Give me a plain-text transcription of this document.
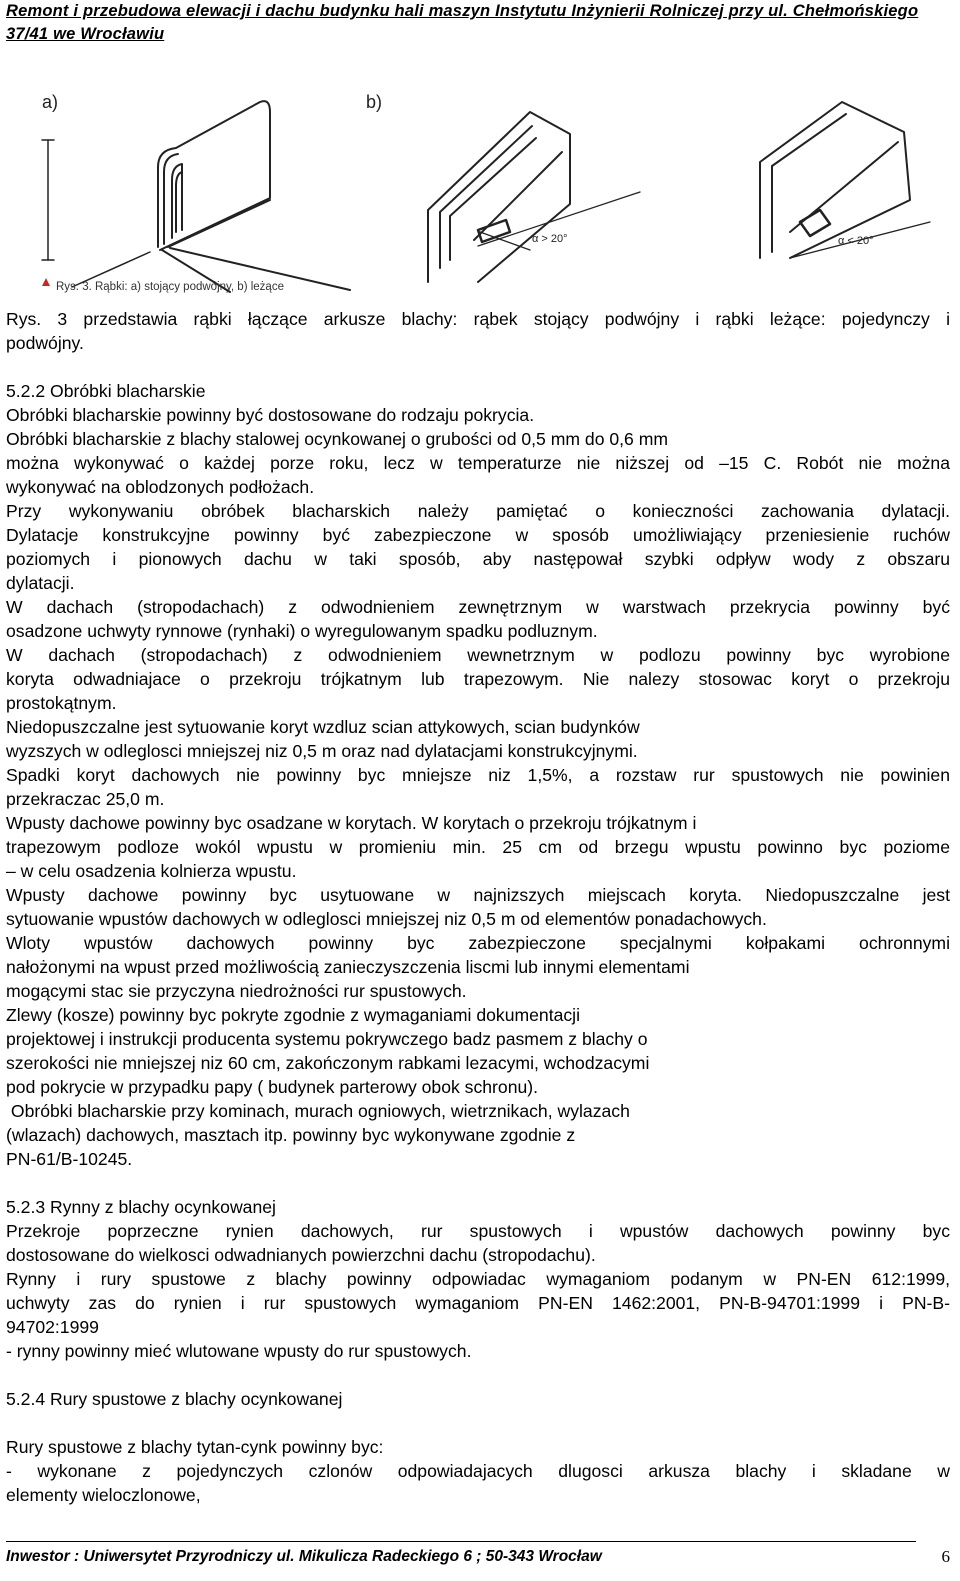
Remont i przebudowa elewacji i dachu budynku hali maszyn Instytutu Inżynierii Rolniczej przy ul. Chełmońskiego
37/41 we Wrocławiu
a)	b)
α > 20°	α < 20°
Rys. 3. Rąbki: a) stojący podwójny, b) leżące

Rys. 3 przedstawia rąbki łączące arkusze blachy: rąbek stojący podwójny i rąbki leżące: pojedynczy i

podwójny.

5.2.2 Obróbki blacharskie

Obróbki blacharskie powinny być dostosowane do rodzaju pokrycia.

Obróbki blacharskie z blachy stalowej ocynkowanej o grubości od 0,5 mm do 0,6 mm

można wykonywać o każdej porze roku, lecz w temperaturze nie niższej od –15 C. Robót nie można

wykonywać na oblodzonych podłożach.

Przy wykonywaniu obróbek blacharskich należy pamiętać o konieczności zachowania dylatacji.

Dylatacje konstrukcyjne powinny być zabezpieczone w sposób umożliwiający przeniesienie ruchów

poziomych i pionowych dachu w taki sposób, aby następował szybki odpływ wody z obszaru

dylatacji.

W dachach (stropodachach) z odwodnieniem zewnętrznym w warstwach przekrycia powinny być

osadzone uchwyty rynnowe (rynhaki) o wyregulowanym spadku podluznym.

W dachach (stropodachach) z odwodnieniem wewnetrznym w podlozu powinny byc wyrobione

koryta odwadniajace o przekroju trójkatnym lub trapezowym. Nie nalezy stosowac koryt o przekroju

prostokątnym.

Niedopuszczalne jest sytuowanie koryt wzdluz scian attykowych, scian budynków

wyzszych w odleglosci mniejszej niz 0,5 m oraz nad dylatacjami konstrukcyjnymi.

Spadki koryt dachowych nie powinny byc mniejsze niz 1,5%, a rozstaw rur spustowych nie powinien

przekraczac 25,0 m.

Wpusty dachowe powinny byc osadzane w korytach. W korytach o przekroju trójkatnym i

trapezowym podloze wokól wpustu w promieniu min. 25 cm od brzegu wpustu powinno byc poziome

– w celu osadzenia kolnierza wpustu.

Wpusty dachowe powinny byc usytuowane w najnizszych miejscach koryta. Niedopuszczalne jest

sytuowanie wpustów dachowych w odleglosci mniejszej niz 0,5 m od elementów ponadachowych.

Wloty wpustów dachowych powinny byc zabezpieczone specjalnymi kołpakami ochronnymi

nałożonymi na wpust przed możliwością zanieczyszczenia liscmi lub innymi elementami

mogącymi stac sie przyczyna niedrożności rur spustowych.

Zlewy (kosze) powinny byc pokryte zgodnie z wymaganiami dokumentacji

projektowej i instrukcji producenta systemu pokrywczego badz pasmem z blachy o

szerokości nie mniejszej niz 60 cm, zakończonym rabkami lezacymi, wchodzacymi

pod pokrycie w przypadku papy ( budynek parterowy obok schronu).

Obróbki blacharskie przy kominach, murach ogniowych, wietrznikach, wylazach

(wlazach) dachowych, masztach itp. powinny byc wykonywane zgodnie z

PN-61/B-10245.

5.2.3 Rynny z blachy ocynkowanej

Przekroje poprzeczne rynien dachowych, rur spustowych i wpustów dachowych powinny byc

dostosowane do wielkosci odwadnianych powierzchni dachu (stropodachu).

Rynny i rury spustowe z blachy powinny odpowiadac wymaganiom podanym w PN-EN 612:1999,

uchwyty zas do rynien i rur spustowych wymaganiom PN-EN 1462:2001, PN-B-94701:1999 i PN-B-

94702:1999

- rynny powinny mieć wlutowane wpusty do rur spustowych.

5.2.4 Rury spustowe z blachy ocynkowanej

Rury spustowe z blachy tytan-cynk powinny byc:

- wykonane z pojedynczych czlonów odpowiadajacych dlugosci arkusza blachy i skladane w

elementy wieloczlonowe,

Inwestor : Uniwersytet Przyrodniczy ul. Mikulicza Radeckiego 6 ; 50-343 Wrocław	6
